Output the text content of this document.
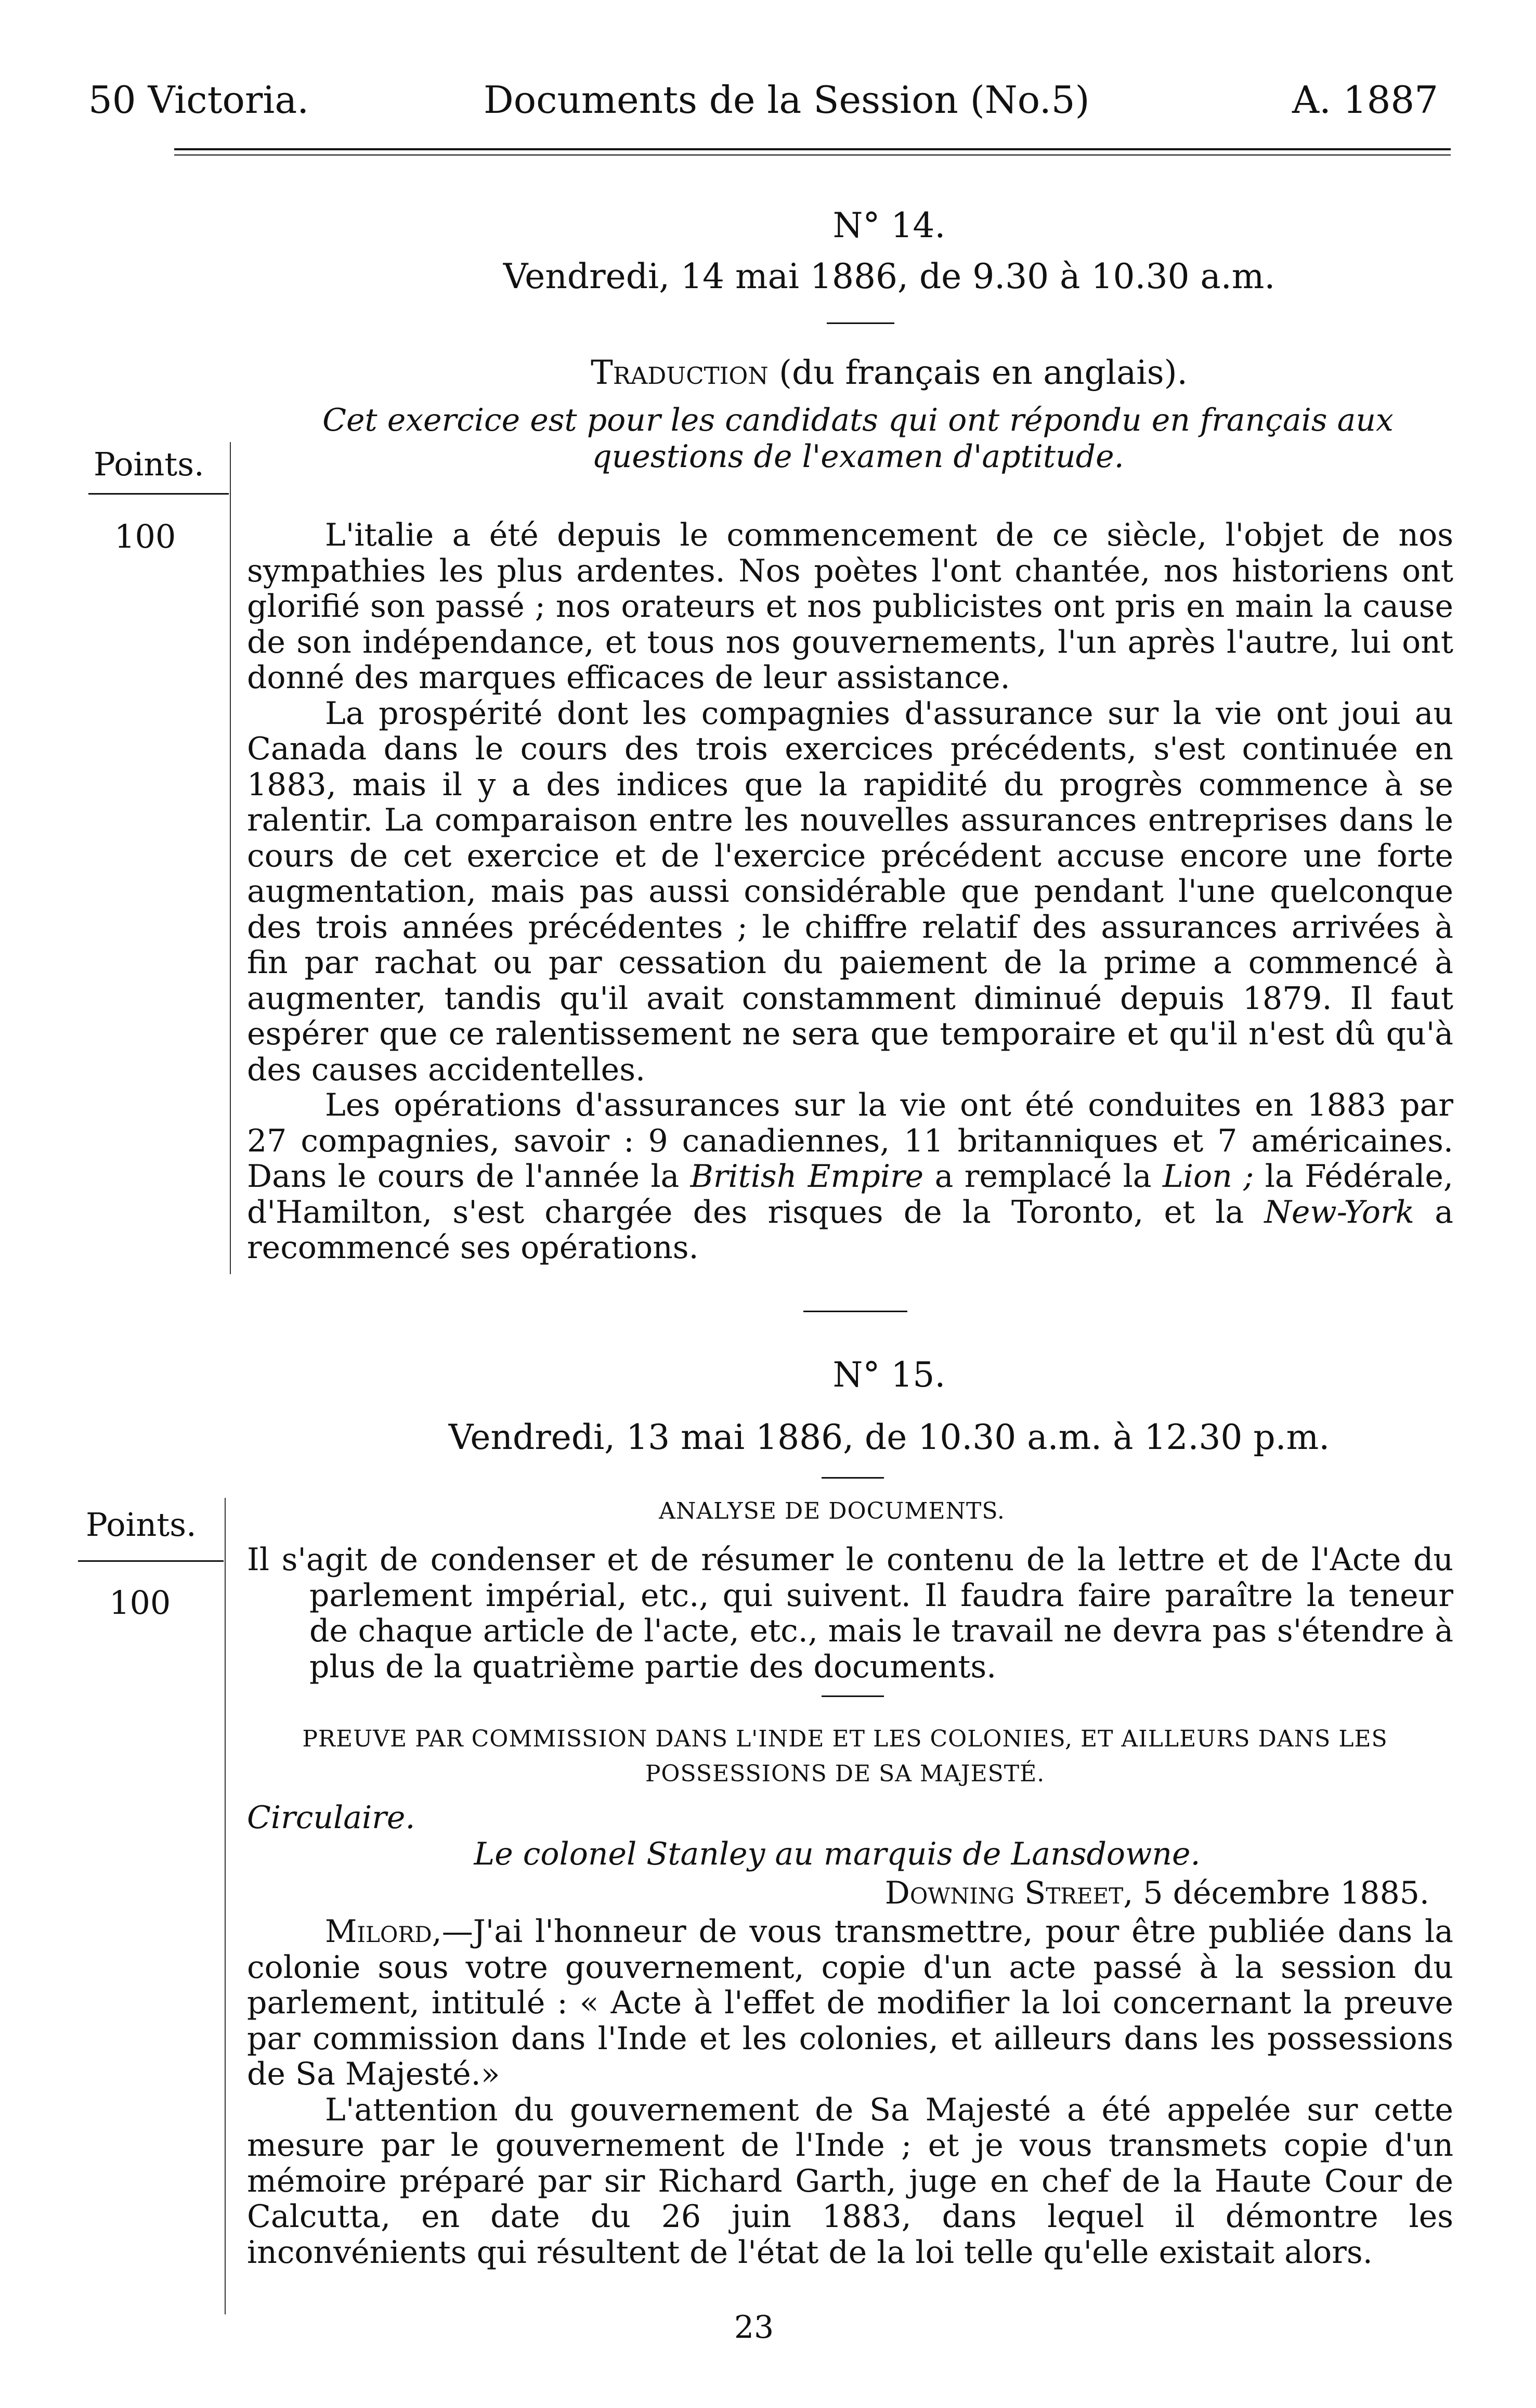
50 Victoria.	Documents de la Session (No.5)	A. 1887
N° 14.
Vendredi, 14 mai 1886, de 9.30 à 10.30 a.m.
Traduction (du français en anglais).
Cet exercice est pour les candidats qui ont répondu en français aux questions de l'examen d'aptitude.
Points.
100	L'italie a été depuis le commencement de ce siècle, l'objet de nos sympathies les plus ardentes. Nos poètes l'ont chantée, nos historiens ont glorifié son passé ; nos orateurs et nos publicistes ont pris en main la cause de son indépendance, et tous nos gouvernements, l'un après l'autre, lui ont donné des marques efficaces de leur assistance.

La prospérité dont les compagnies d'assurance sur la vie ont joui au Canada dans le cours des trois exercices précédents, s'est continuée en 1883, mais il y a des indices que la rapidité du progrès commence à se ralentir. La comparaison entre les nouvelles assurances entreprises dans le cours de cet exercice et de l'exercice précédent accuse encore une forte augmentation, mais pas aussi considérable que pendant l'une quelconque des trois années précédentes ; le chiffre relatif des assurances arrivées à fin par rachat ou par cessation du paiement de la prime a commencé à augmenter, tandis qu'il avait constamment diminué depuis 1879. Il faut espérer que ce ralentissement ne sera que temporaire et qu'il n'est dû qu'à des causes accidentelles.

Les opérations d'assurances sur la vie ont été conduites en 1883 par 27 compagnies, savoir : 9 canadiennes, 11 britanniques et 7 américaines. Dans le cours de l'année la British Empire a remplacé la Lion ; la Fédérale, d'Hamilton, s'est chargée des risques de la Toronto, et la New-York a recommencé ses opérations.

N° 15.
Vendredi, 13 mai 1886, de 10.30 a.m. à 12.30 p.m.
Points.
100
ANALYSE DE DOCUMENTS.
Il s'agit de condenser et de résumer le contenu de la lettre et de l'Acte du parlement impérial, etc., qui suivent. Il faudra faire paraître la teneur de chaque article de l'acte, etc., mais le travail ne devra pas s'étendre à plus de la quatrième partie des documents.
PREUVE PAR COMMISSION DANS L'INDE ET LES COLONIES, ET AILLEURS DANS LES
POSSESSIONS DE SA MAJESTÉ.
Circulaire.
Le colonel Stanley au marquis de Lansdowne.
Downing Street, 5 décembre 1885.

Milord,—J'ai l'honneur de vous transmettre, pour être publiée dans la colonie sous votre gouvernement, copie d'un acte passé à la session du parlement, intitulé : « Acte à l'effet de modifier la loi concernant la preuve par commission dans l'Inde et les colonies, et ailleurs dans les possessions de Sa Majesté.»

L'attention du gouvernement de Sa Majesté a été appelée sur cette mesure par le gouvernement de l'Inde ; et je vous transmets copie d'un mémoire préparé par sir Richard Garth, juge en chef de la Haute Cour de Calcutta, en date du 26 juin 1883, dans lequel il démontre les inconvénients qui résultent de l'état de la loi telle qu'elle existait alors.

23
